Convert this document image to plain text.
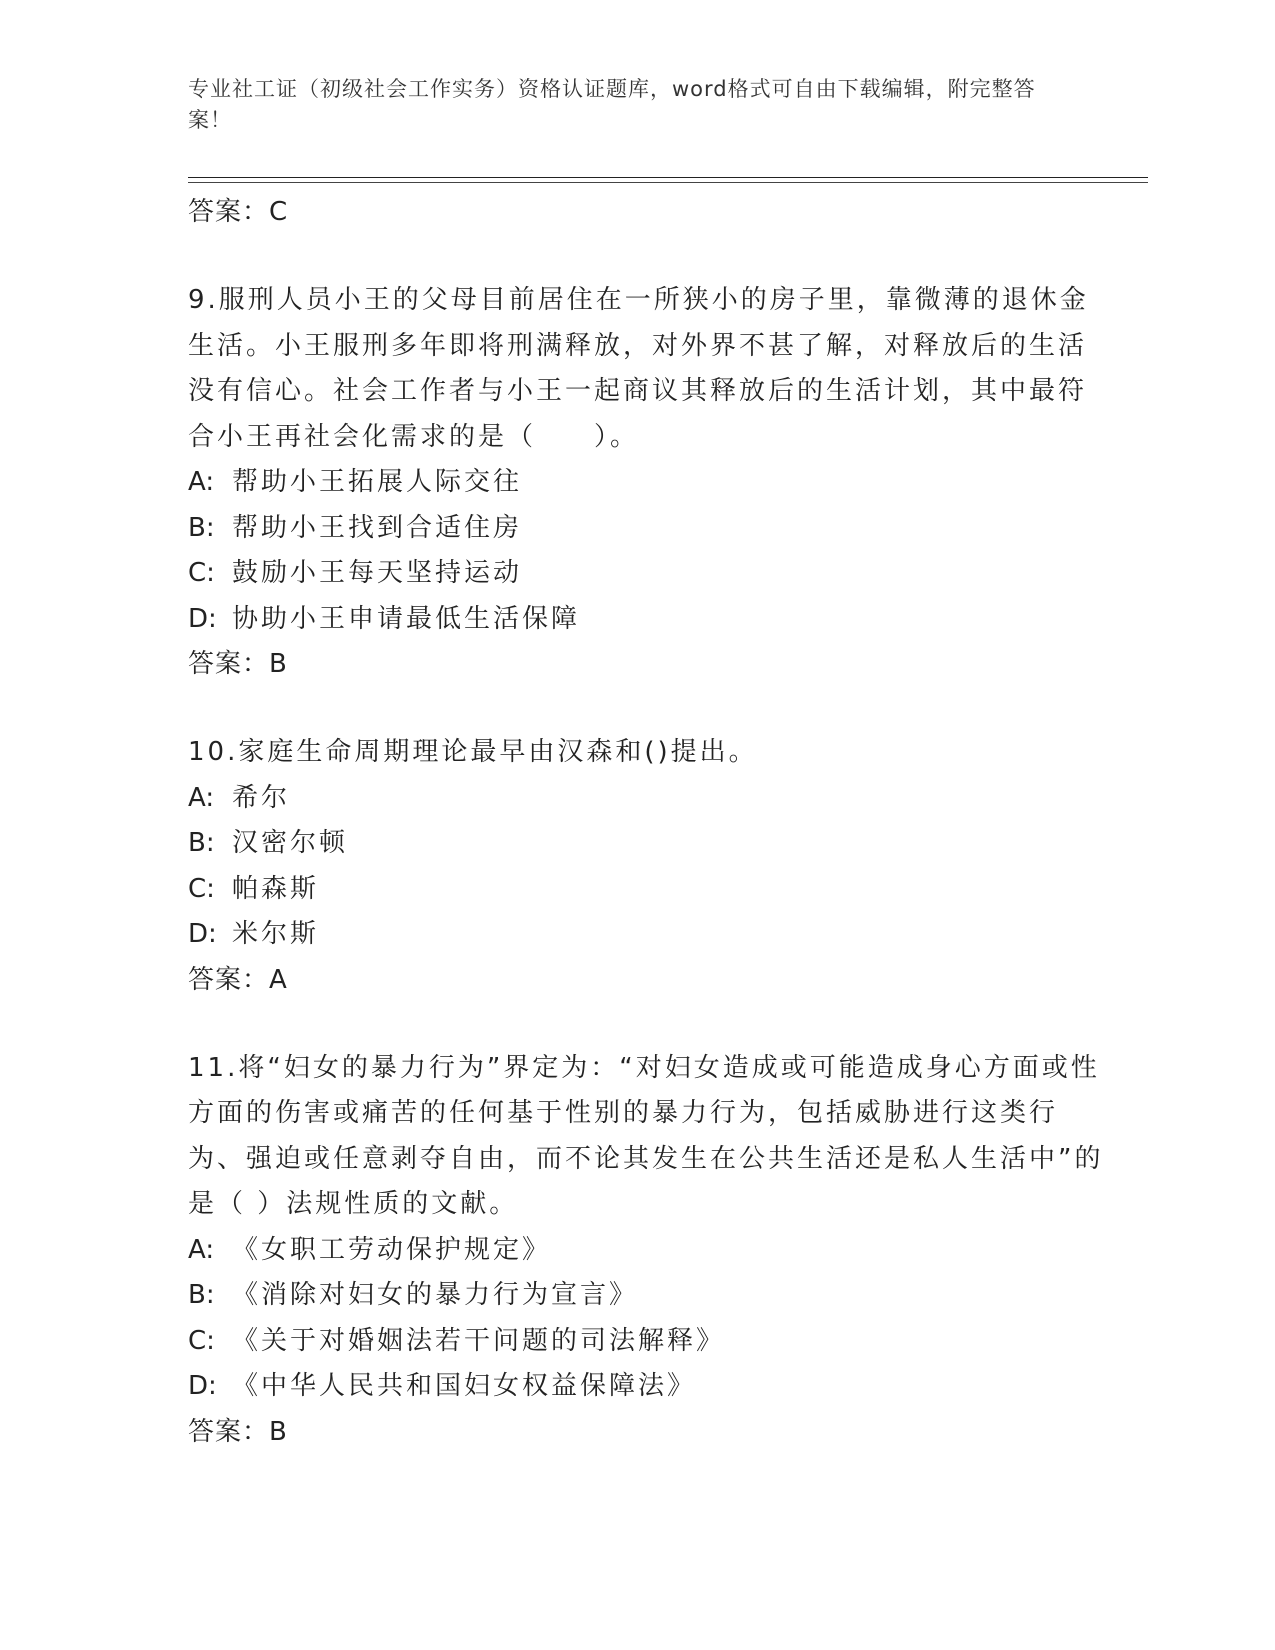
专业社工证（初级社会工作实务）资格认证题库，word格式可自由下载编辑，附完整答案！
答案：C
9.服刑人员小王的父母目前居住在一所狭小的房子里，靠微薄的退休金生活。小王服刑多年即将刑满释放，对外界不甚了解，对释放后的生活没有信心。社会工作者与小王一起商议其释放后的生活计划，其中最符合小王再社会化需求的是（　　）。
A: 帮助小王拓展人际交往
B: 帮助小王找到合适住房
C: 鼓励小王每天坚持运动
D: 协助小王申请最低生活保障
答案：B
10.家庭生命周期理论最早由汉森和()提出。
A: 希尔
B: 汉密尔顿
C: 帕森斯
D: 米尔斯
答案：A
11.将“妇女的暴力行为”界定为：“对妇女造成或可能造成身心方面或性方面的伤害或痛苦的任何基于性别的暴力行为，包括威胁进行这类行为、强迫或任意剥夺自由，而不论其发生在公共生活还是私人生活中”的是（ ）法规性质的文献。
A: 《女职工劳动保护规定》
B: 《消除对妇女的暴力行为宣言》
C: 《关于对婚姻法若干问题的司法解释》
D: 《中华人民共和国妇女权益保障法》
答案：B
